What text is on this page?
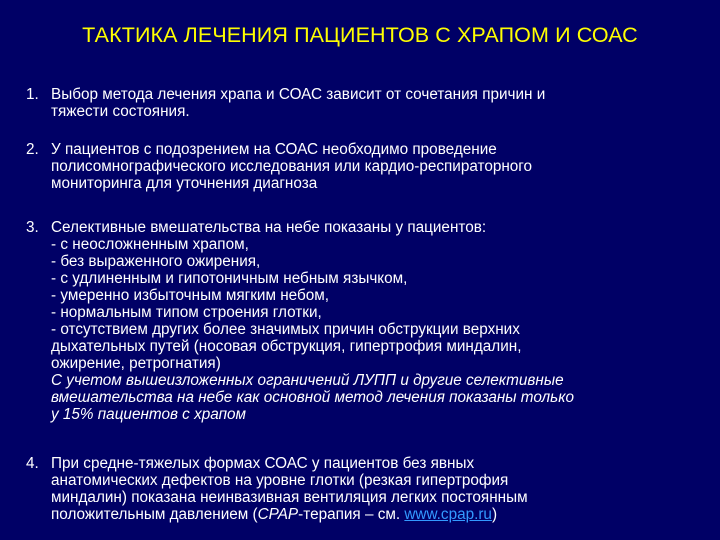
ТАКТИКА ЛЕЧЕНИЯ ПАЦИЕНТОВ С ХРАПОМ И СОАС
1. Выбор метода лечения храпа и СОАС зависит от сочетания причин и
тяжести состояния.
2. У пациентов с подозрением на СОАС необходимо проведение
полисомнографического исследования или кардио-респираторного
мониторинга для уточнения диагноза
3. Селективные вмешательства на небе показаны у пациентов:
- с неосложненным храпом,
- без выраженного ожирения,
- с удлиненным и гипотоничным небным язычком,
- умеренно избыточным мягким небом,
- нормальным типом строения глотки,
- отсутствием других более значимых причин обструкции верхних
дыхательных путей (носовая обструкция, гипертрофия миндалин,
ожирение, ретрогнатия)
С учетом вышеизложенных ограничений ЛУПП и другие селективные
вмешательства на небе как основной метод лечения показаны только
у 15% пациентов с храпом
4. При средне-тяжелых формах СОАС у пациентов без явных
анатомических дефектов на уровне глотки (резкая гипертрофия
миндалин) показана неинвазивная вентиляция легких постоянным
положительным давлением (CPAP-терапия – см. www.cpap.ru)
